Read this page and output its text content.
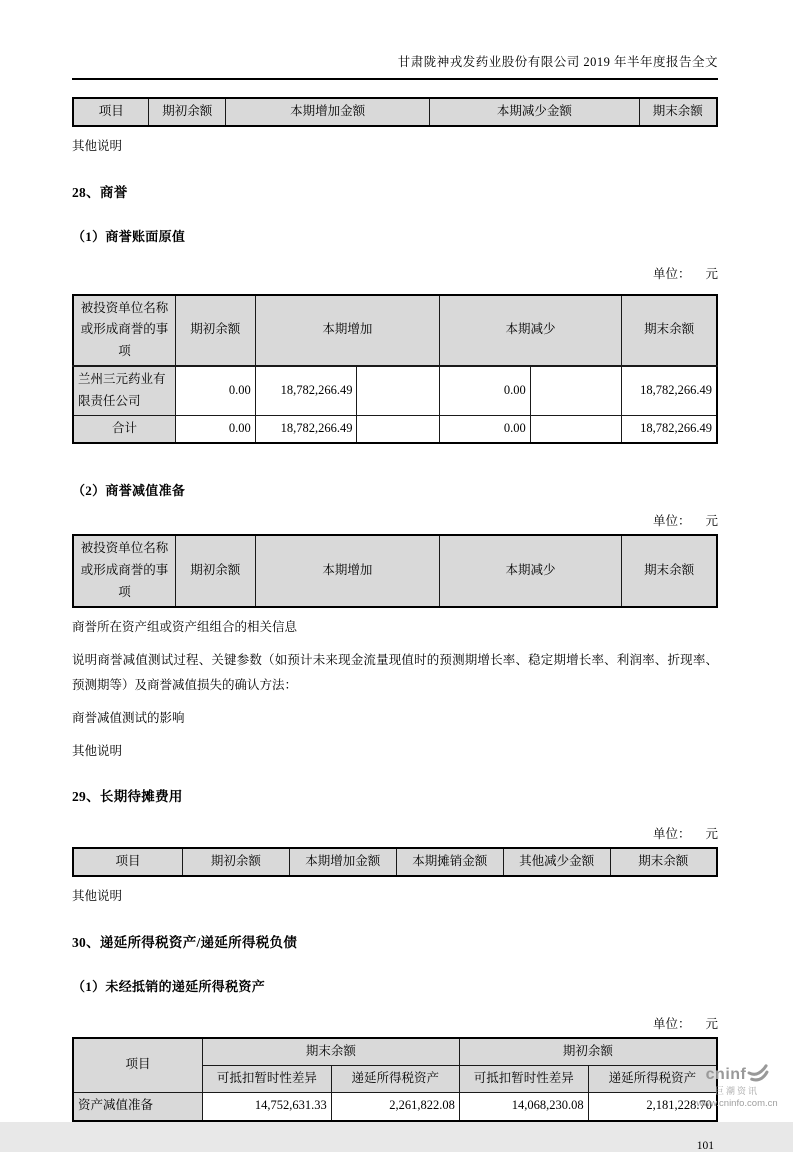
甘肃陇神戎发药业股份有限公司 2019 年半年度报告全文
项目	期初余额	本期增加金额	本期减少金额	期末余额

其他说明

28、商誉
（1）商誉账面原值
单位： 元
被投资单位名称或形成商誉的事项	期初余额	本期增加		本期减少		期末余额
兰州三元药业有限责任公司	0.00	18,782,266.49		0.00		18,782,266.49
合计	0.00	18,782,266.49		0.00		18,782,266.49
（2）商誉减值准备
单位： 元
被投资单位名称或形成商誉的事项	期初余额	本期增加	本期减少	期末余额

商誉所在资产组或资产组组合的相关信息

说明商誉减值测试过程、关键参数（如预计未来现金流量现值时的预测期增长率、稳定期增长率、利润率、折现率、预测期等）及商誉减值损失的确认方法：

商誉减值测试的影响

其他说明

29、长期待摊费用
单位： 元
项目	期初余额	本期增加金额	本期摊销金额	其他减少金额	期末余额

其他说明

30、递延所得税资产/递延所得税负债
（1）未经抵销的递延所得税资产
单位： 元
项目	期末余额		期初余额	
	可抵扣暂时性差异	递延所得税资产	可抵扣暂时性差异	递延所得税资产
资产减值准备	14,752,631.33	2,261,822.08	14,068,230.08	2,181,228.70
101
cninf
巨潮资讯
www.cninfo.com.cn
